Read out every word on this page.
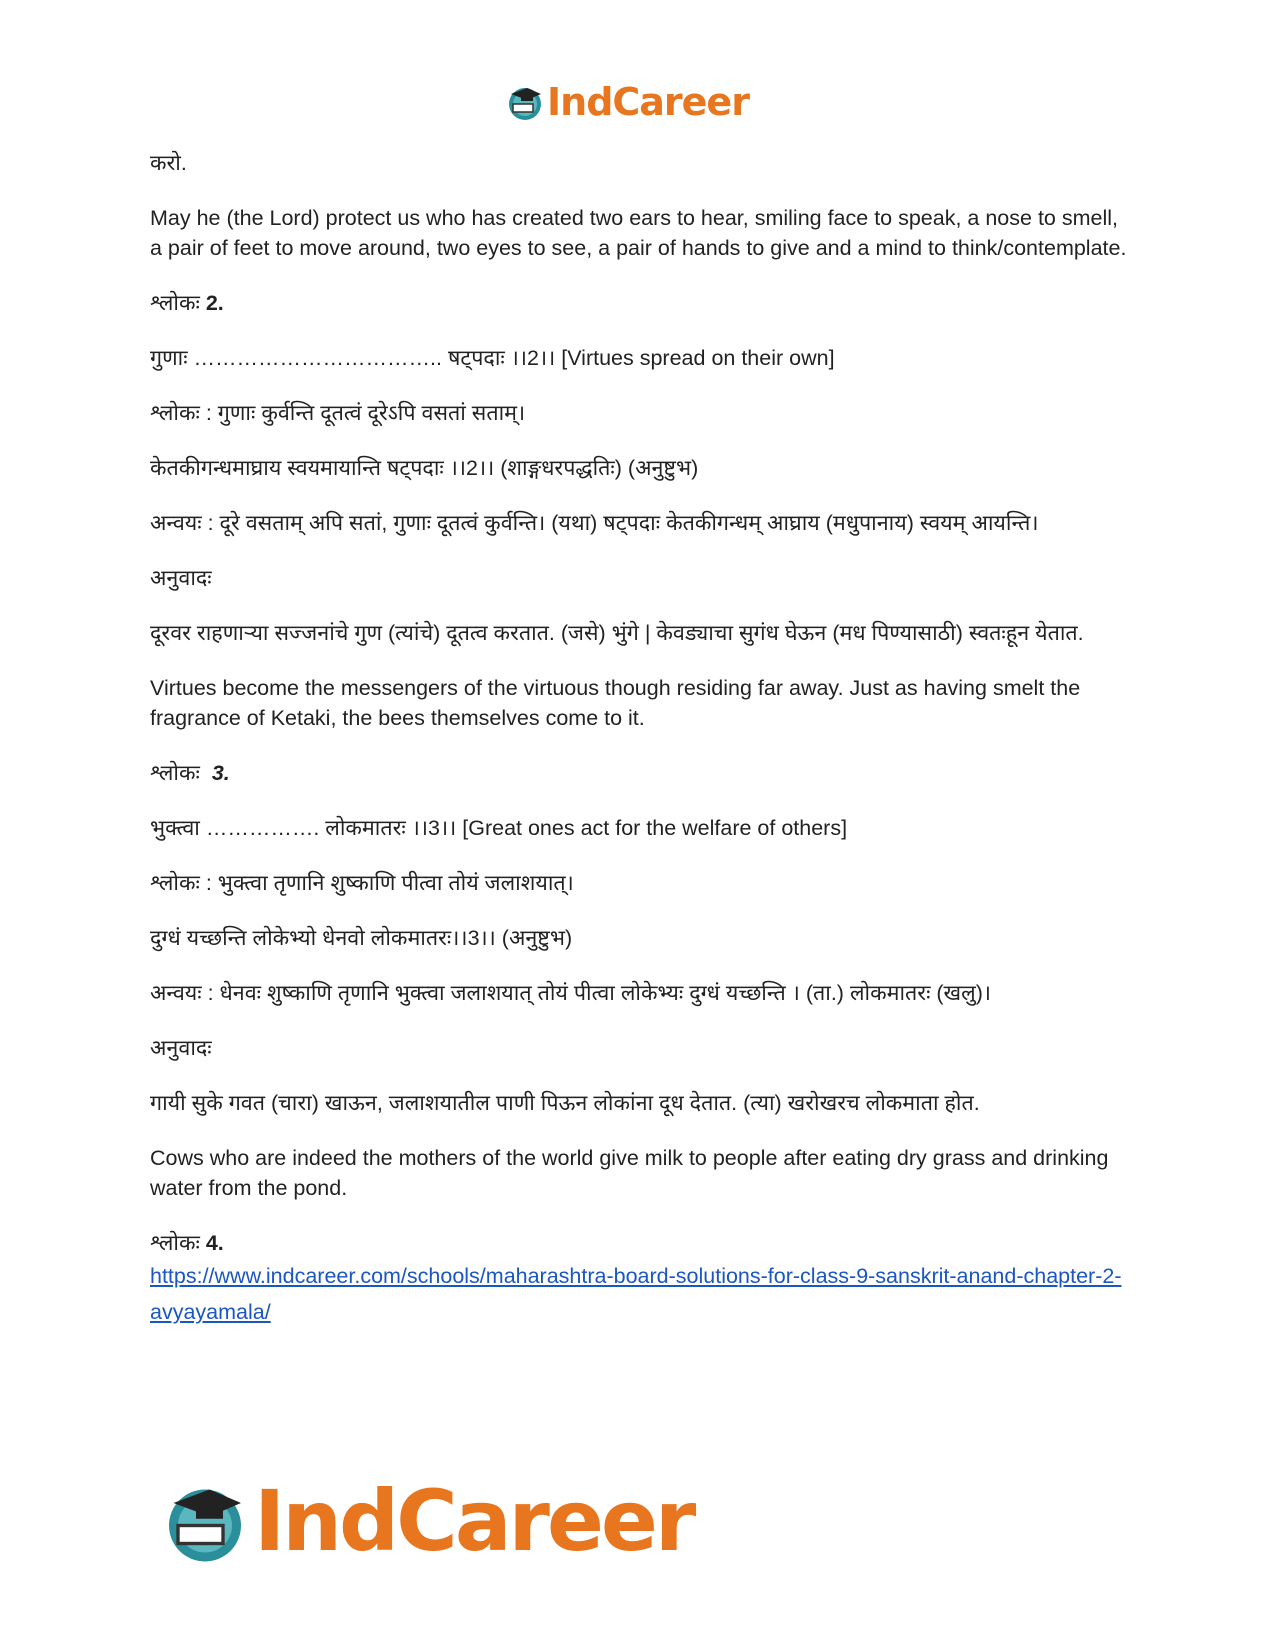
IndCareer

करो.

May he (the Lord) protect us who has created two ears to hear, smiling face to speak, a nose to smell, a pair of feet to move around, two eyes to see, a pair of hands to give and a mind to think/contemplate.

श्लोकः 2.

गुणाः …………………………….. षट्पदाः ।।2।। [Virtues spread on their own]

श्लोकः : गुणाः कुर्वन्ति दूतत्वं दूरेऽपि वसतां सताम्।

केतकीगन्धमाघ्राय स्वयमायान्ति षट्पदाः ।।2।। (शाङ्गधरपद्धतिः) (अनुष्टुभ)

अन्वयः : दूरे वसताम् अपि सतां, गुणाः दूतत्वं कुर्वन्ति। (यथा) षट्पदाः केतकीगन्धम् आघ्राय (मधुपानाय) स्वयम् आयन्ति।

अनुवादः

दूरवर राहणाऱ्या सज्जनांचे गुण (त्यांचे) दूतत्व करतात. (जसे) भुंगे | केवड्याचा सुगंध घेऊन (मध पिण्यासाठी) स्वतःहून येतात.

Virtues become the messengers of the virtuous though residing far away. Just as having smelt the fragrance of Ketaki, the bees themselves come to it.

श्लोकः 3.

भुक्त्वा ……………. लोकमातरः ।।3।। [Great ones act for the welfare of others]

श्लोकः : भुक्त्वा तृणानि शुष्काणि पीत्वा तोयं जलाशयात्।

दुग्धं यच्छन्ति लोकेभ्यो धेनवो लोकमातरः।।3।। (अनुष्टुभ)

अन्वयः : धेनवः शुष्काणि तृणानि भुक्त्वा जलाशयात् तोयं पीत्वा लोकेभ्यः दुग्धं यच्छन्ति । (ता.) लोकमातरः (खलु)।

अनुवादः

गायी सुके गवत (चारा) खाऊन, जलाशयातील पाणी पिऊन लोकांना दूध देतात. (त्या) खरोखरच लोकमाता होत.

Cows who are indeed the mothers of the world give milk to people after eating dry grass and drinking water from the pond.

श्लोकः 4.

https://www.indcareer.com/schools/maharashtra-board-solutions-for-class-9-sanskrit-anand-chapter-2-avyayamala/
IndCareer
